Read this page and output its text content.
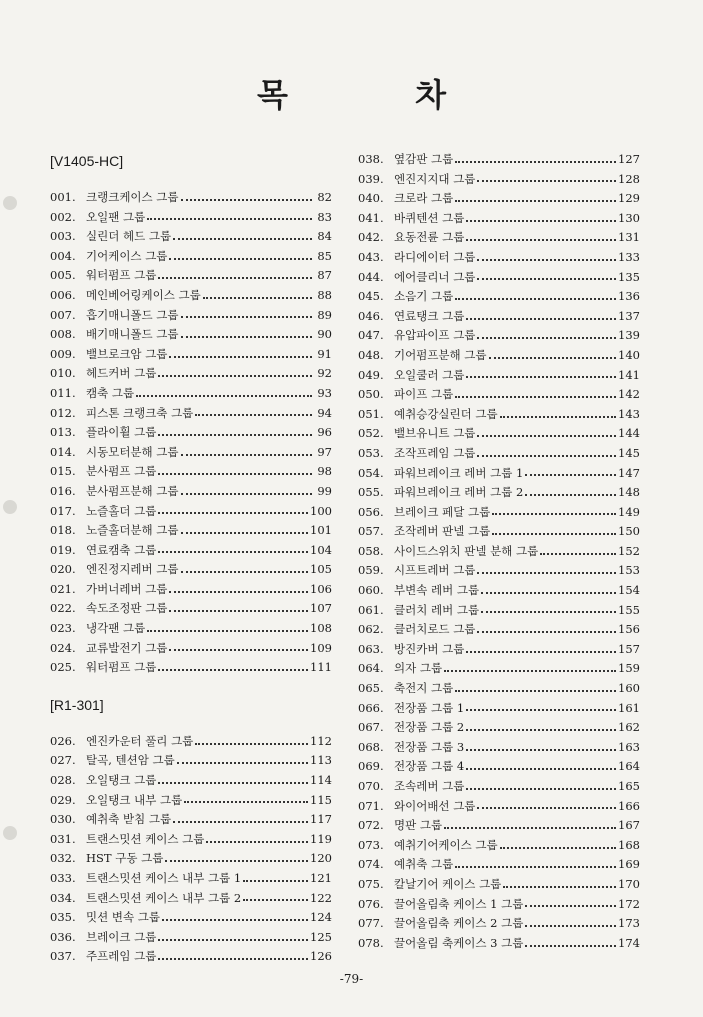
목 차
[V1405-HC]
001. 크랭크케이스 그룹	82
002. 오일팬 그룹	83
003. 실린더 헤드 그룹	84
004. 기어케이스 그룹	85
005. 워터펌프 그룹	87
006. 메인베어링케이스 그룹	88
007. 흡기매니폴드 그룹	89
008. 배기매니폴드 그룹	90
009. 밸브로크암 그룹	91
010. 헤드커버 그룹	92
011. 캠축 그룹	93
012. 피스톤 크랭크축 그룹	94
013. 플라이휠 그룹	96
014. 시동모터분해 그룹	97
015. 분사펌프 그룹	98
016. 분사펌프분해 그룹	99
017. 노즐홀더 그룹	100
018. 노즐홀더분해 그룹	101
019. 연료캠축 그룹	104
020. 엔진정지레버 그룹	105
021. 가버너레버 그룹	106
022. 속도조정판 그룹	107
023. 냉각팬 그룹	108
024. 교류발전기 그룹	109
025. 워터펌프 그룹	111
[R1-301]
026. 엔진카운터 풀리 그룹	112
027. 탈곡, 텐션암 그룹	113
028. 오일탱크 그룹	114
029. 오일탱크 내부 그룹	115
030. 예취축 받침 그룹	117
031. 트랜스밋션 케이스 그룹	119
032. HST 구동 그룹	120
033. 트랜스밋션 케이스 내부 그룹 1	121
034. 트랜스밋션 케이스 내부 그룹 2	122
035. 밋션 변속 그룹	124
036. 브레이크 그룹	125
037. 주프레임 그룹	126
038. 옆감판 그룹	127
039. 엔진지지대 그룹	128
040. 크로라 그룹	129
041. 바퀴텐션 그룹	130
042. 요동전륜 그룹	131
043. 라디에이터 그룹	133
044. 에어클리너 그룹	135
045. 소음기 그룹	136
046. 연료탱크 그룹	137
047. 유압파이프 그룹	139
048. 기어펌프분해 그룹	140
049. 오일쿨러 그룹	141
050. 파이프 그룹	142
051. 예취승강실린더 그룹	143
052. 밸브유니트 그룹	144
053. 조작프레임 그룹	145
054. 파워브레이크 레버 그룹 1	147
055. 파워브레이크 레버 그룹 2	148
056. 브레이크 페달 그룹	149
057. 조작레버 판넬 그룹	150
058. 사이드스위치 판넬 분해 그룹	152
059. 시프트레버 그룹	153
060. 부변속 레버 그룹	154
061. 클러치 레버 그룹	155
062. 클러치로드 그룹	156
063. 방진카버 그룹	157
064. 의자 그룹	159
065. 축전지 그룹	160
066. 전장품 그룹 1	161
067. 전장품 그룹 2	162
068. 전장품 그룹 3	163
069. 전장품 그룹 4	164
070. 조속레버 그룹	165
071. 와이어배선 그룹	166
072. 명판 그룹	167
073. 예취기어케이스 그룹	168
074. 예취축 그룹	169
075. 칼날기어 케이스 그룹	170
076. 끌어올림축 케이스 1 그룹	172
077. 끌어올림축 케이스 2 그룹	173
078. 끌어올림 축케이스 3 그룹	174
-79-
